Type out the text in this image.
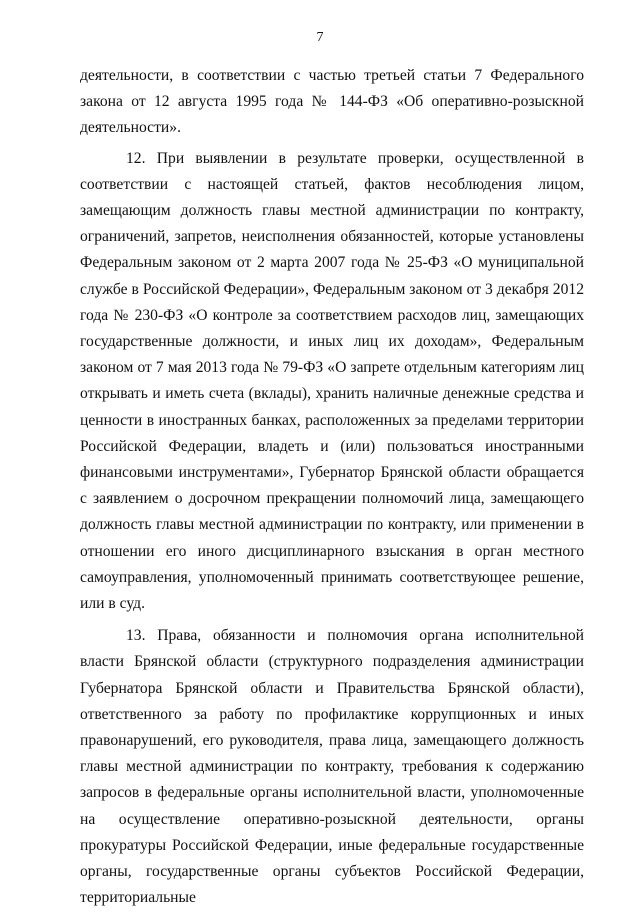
7

деятельности, в соответствии с частью третьей статьи 7 Федерального закона от 12 августа 1995 года № 144-ФЗ «Об оперативно-розыскной деятельности».

12. При выявлении в результате проверки, осуществленной в соответствии с настоящей статьей, фактов несоблюдения лицом, замещающим должность главы местной администрации по контракту, ограничений, запретов, неисполнения обязанностей, которые установлены Федеральным законом от 2 марта 2007 года № 25-ФЗ «О муниципальной службе в Российской Федерации», Федеральным законом от 3 декабря 2012 года № 230-ФЗ «О контроле за соответствием расходов лиц, замещающих государственные должности, и иных лиц их доходам», Федеральным законом от 7 мая 2013 года № 79-ФЗ «О запрете отдельным категориям лиц открывать и иметь счета (вклады), хранить наличные денежные средства и ценности в иностранных банках, расположенных за пределами территории Российской Федерации, владеть и (или) пользоваться иностранными финансовыми инструментами», Губернатор Брянской области обращается с заявлением о досрочном прекращении полномочий лица, замещающего должность главы местной администрации по контракту, или применении в отношении его иного дисциплинарного взыскания в орган местного самоуправления, уполномоченный принимать соответствующее решение, или в суд.

13. Права, обязанности и полномочия органа исполнительной власти Брянской области (структурного подразделения администрации Губернатора Брянской области и Правительства Брянской области), ответственного за работу по профилактике коррупционных и иных правонарушений, его руководителя, права лица, замещающего должность главы местной администрации по контракту, требования к содержанию запросов в федеральные органы исполнительной власти, уполномоченные на осуществление оперативно-розыскной деятельности, органы прокуратуры Российской Федерации, иные федеральные государственные органы, государственные органы субъектов Российской Федерации, территориальные
